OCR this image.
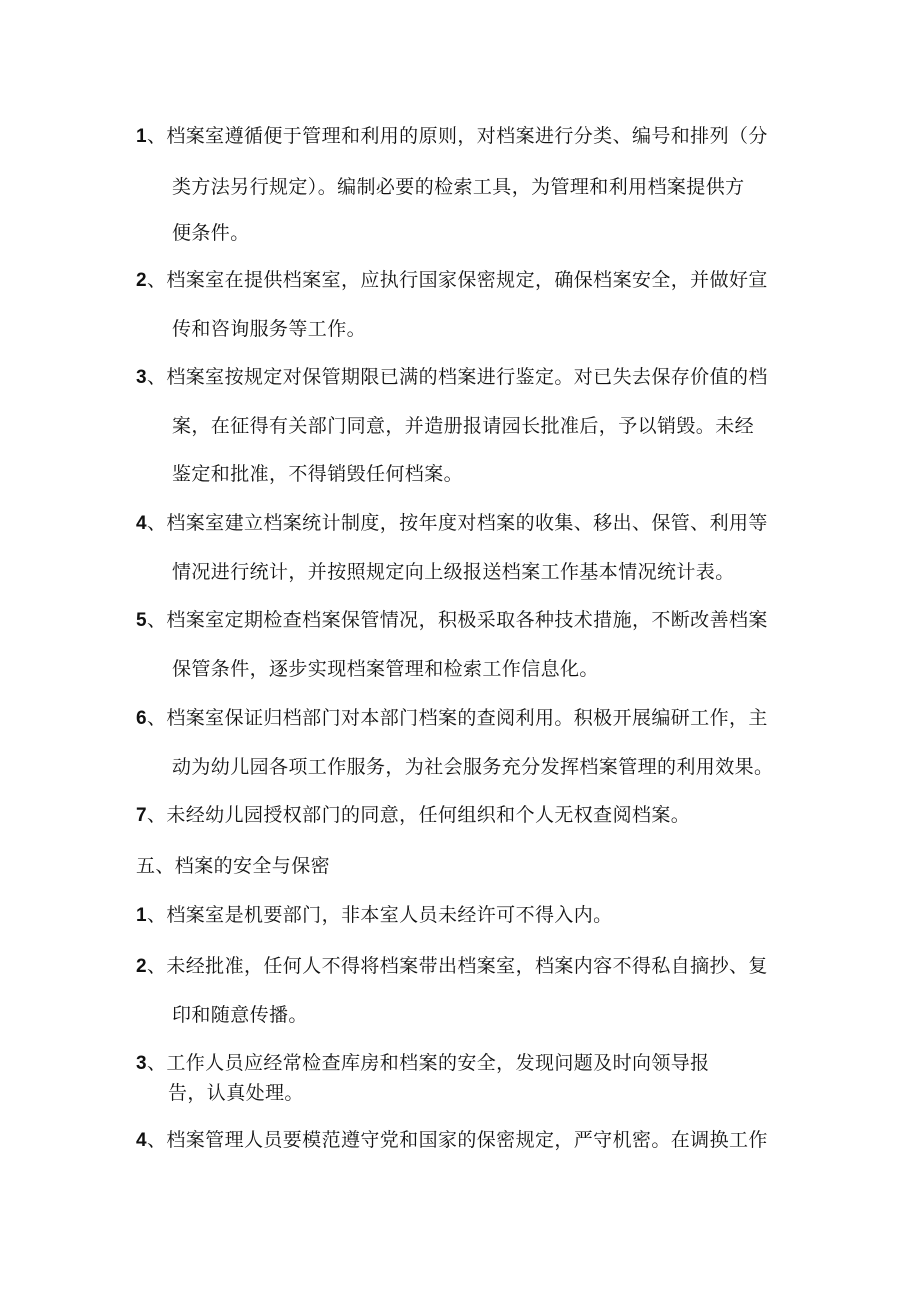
1、档案室遵循便于管理和利用的原则，对档案进行分类、编号和排列（分
类方法另行规定）。编制必要的检索工具，为管理和利用档案提供方
便条件。
2、档案室在提供档案室，应执行国家保密规定，确保档案安全，并做好宣
传和咨询服务等工作。
3、档案室按规定对保管期限已满的档案进行鉴定。对已失去保存价值的档
案，在征得有关部门同意，并造册报请园长批准后，予以销毁。未经
鉴定和批准，不得销毁任何档案。
4、档案室建立档案统计制度，按年度对档案的收集、移出、保管、利用等
情况进行统计，并按照规定向上级报送档案工作基本情况统计表。
5、档案室定期检查档案保管情况，积极采取各种技术措施，不断改善档案
保管条件，逐步实现档案管理和检索工作信息化。
6、档案室保证归档部门对本部门档案的查阅利用。积极开展编研工作，主
动为幼儿园各项工作服务，为社会服务充分发挥档案管理的利用效果。
7、未经幼儿园授权部门的同意，任何组织和个人无权查阅档案。
五、档案的安全与保密
1、档案室是机要部门，非本室人员未经许可不得入内。
2、未经批准，任何人不得将档案带出档案室，档案内容不得私自摘抄、复
印和随意传播。
3、工作人员应经常检查库房和档案的安全，发现问题及时向领导报
告，认真处理。
4、档案管理人员要模范遵守党和国家的保密规定，严守机密。在调换工作
